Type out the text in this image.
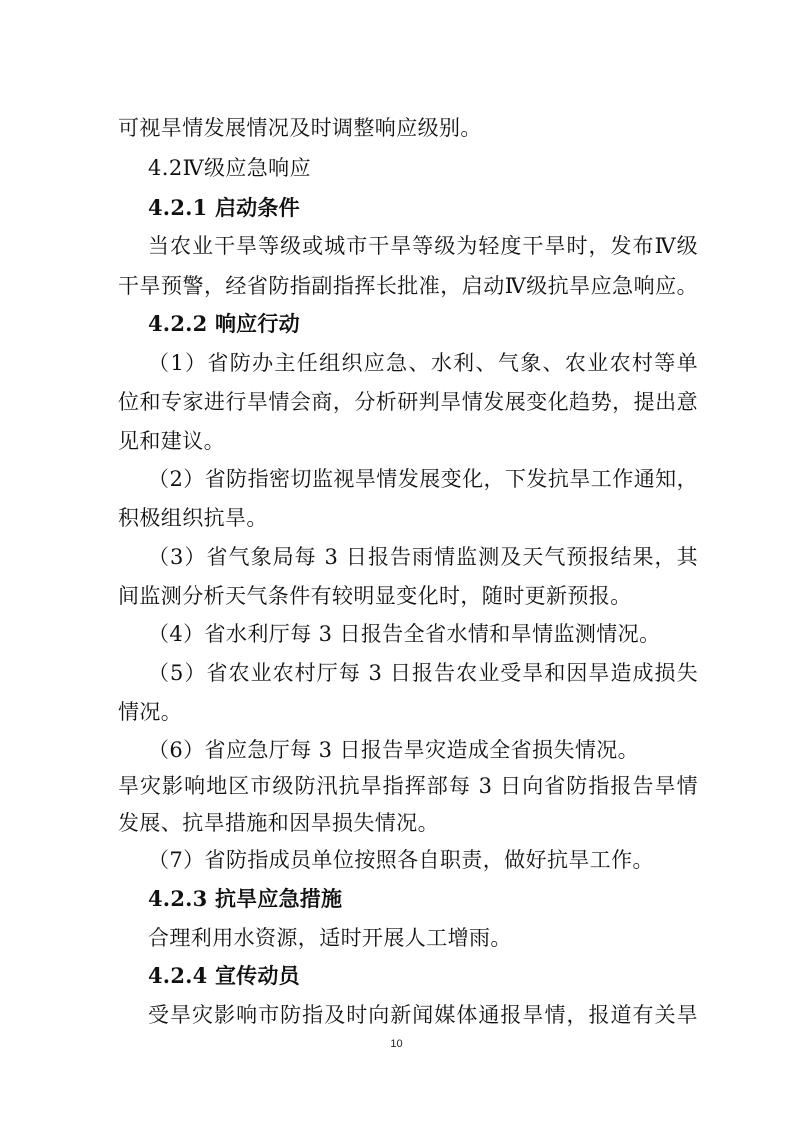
可视旱情发展情况及时调整响应级别。
4.2Ⅳ级应急响应
4.2.1 启动条件
当农业干旱等级或城市干旱等级为轻度干旱时，发布Ⅳ级
干旱预警，经省防指副指挥长批准，启动Ⅳ级抗旱应急响应。
4.2.2 响应行动
（1）省防办主任组织应急、水利、气象、农业农村等单
位和专家进行旱情会商，分析研判旱情发展变化趋势，提出意
见和建议。
（2）省防指密切监视旱情发展变化，下发抗旱工作通知，
积极组织抗旱。
（3）省气象局每 3 日报告雨情监测及天气预报结果，其
间监测分析天气条件有较明显变化时，随时更新预报。
（4）省水利厅每 3 日报告全省水情和旱情监测情况。
（5）省农业农村厅每 3 日报告农业受旱和因旱造成损失
情况。
（6）省应急厅每 3 日报告旱灾造成全省损失情况。
旱灾影响地区市级防汛抗旱指挥部每 3 日向省防指报告旱情
发展、抗旱措施和因旱损失情况。
（7）省防指成员单位按照各自职责，做好抗旱工作。
4.2.3 抗旱应急措施
合理利用水资源，适时开展人工增雨。
4.2.4 宣传动员
受旱灾影响市防指及时向新闻媒体通报旱情，报道有关旱
10
